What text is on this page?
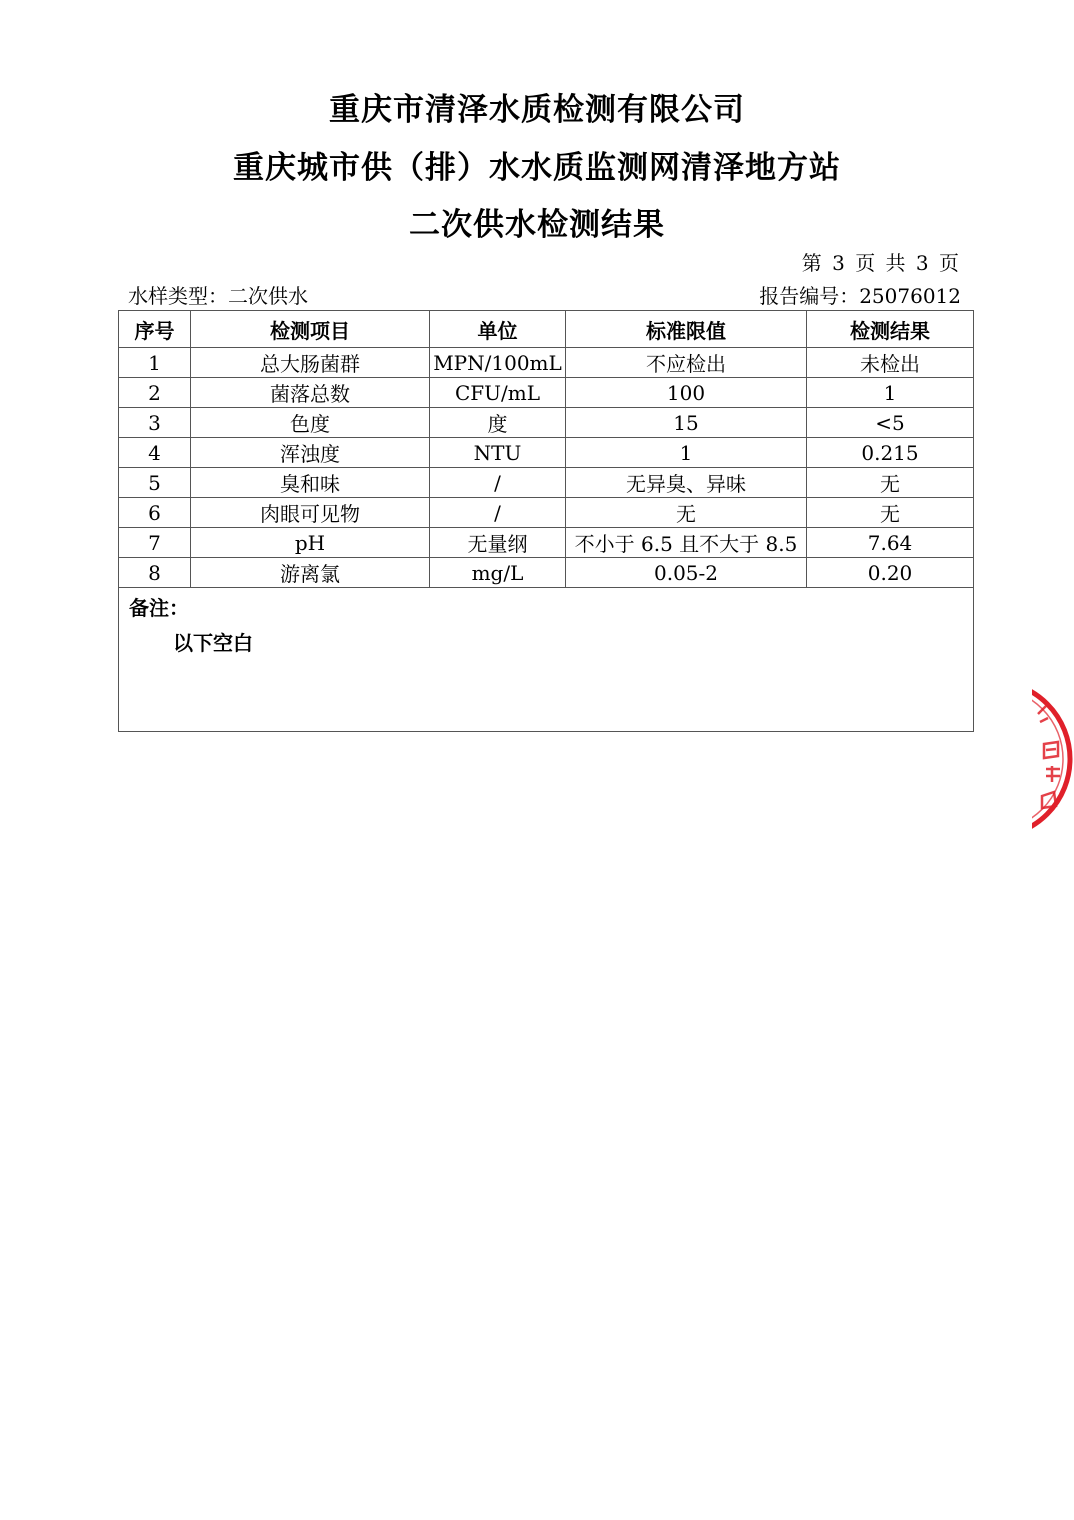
重庆市清泽水质检测有限公司
重庆城市供（排）水水质监测网清泽地方站
二次供水检测结果
第 3 页 共 3 页
水样类型：二次供水	报告编号：25076012
序号	检测项目	单位	标准限值	检测结果
1	总大肠菌群	MPN/100mL	不应检出	未检出
2	菌落总数	CFU/mL	100	1
3	色度	度	15	<5
4	浑浊度	NTU	1	0.215
5	臭和味	/	无异臭、异味	无
6	肉眼可见物	/	无	无
7	pH	无量纲	不小于 6.5 且不大于 8.5	7.64
8	游离氯	mg/L	0.05-2	0.20

备注：
以下空白				
